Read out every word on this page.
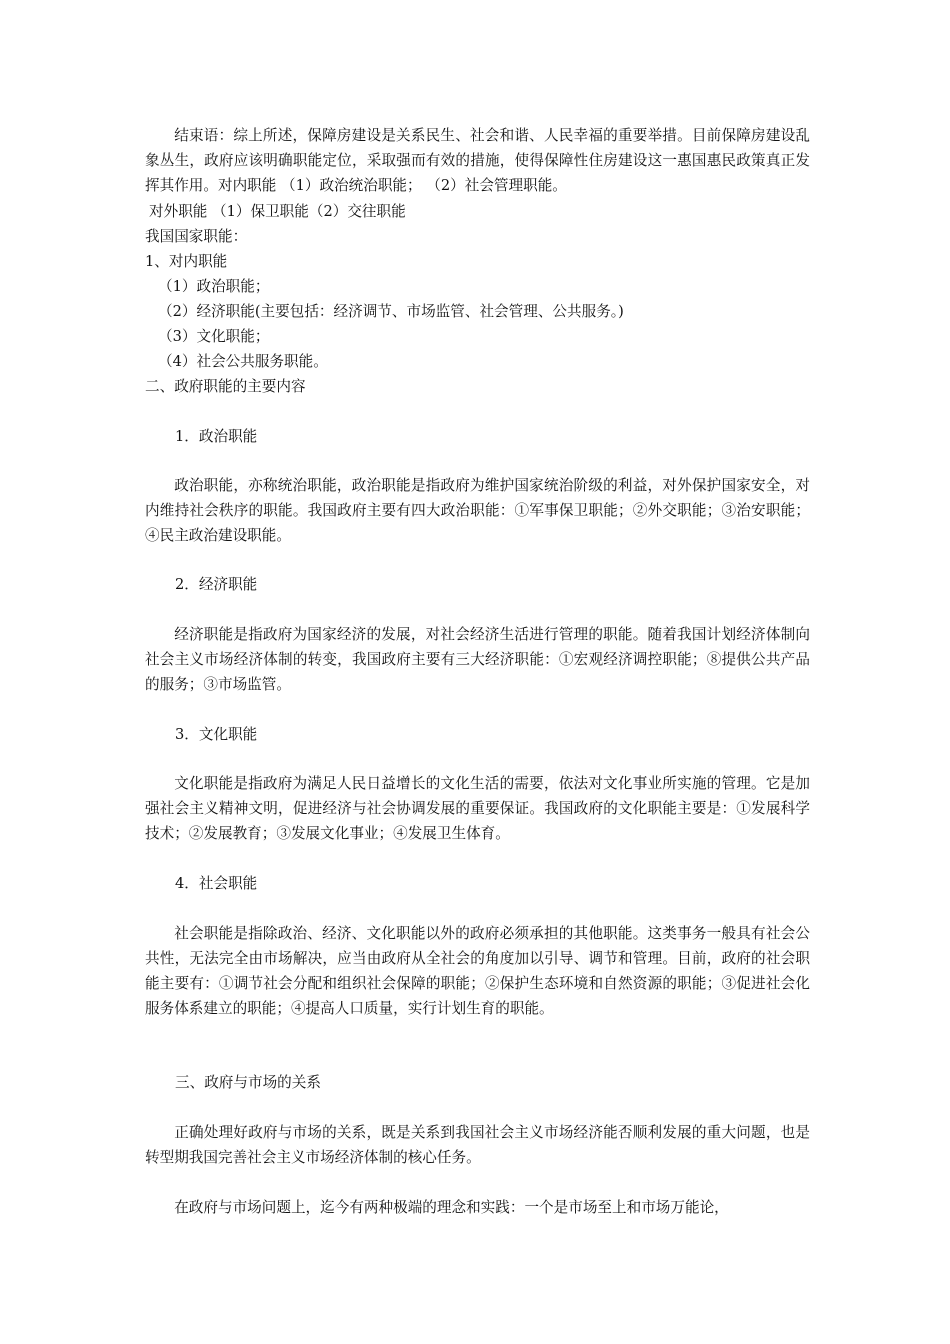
结束语：综上所述，保障房建设是关系民生、社会和谐、人民幸福的重要举措。目前保障房建设乱象丛生，政府应该明确职能定位，采取强而有效的措施，使得保障性住房建设这一惠国惠民政策真正发挥其作用。对内职能 （1）政治统治职能； （2）社会管理职能。
对外职能 （1）保卫职能（2）交往职能
我国国家职能：
1、对内职能
（1）政治职能；
（2）经济职能(主要包括：经济调节、市场监管、社会管理、公共服务。)
（3）文化职能；
（4）社会公共服务职能。
二、政府职能的主要内容
1．政治职能
政治职能，亦称统治职能，政治职能是指政府为维护国家统治阶级的利益，对外保护国家安全，对内维持社会秩序的职能。我国政府主要有四大政治职能：①军事保卫职能；②外交职能；③治安职能；④民主政治建设职能。
2．经济职能
经济职能是指政府为国家经济的发展，对社会经济生活进行管理的职能。随着我国计划经济体制向社会主义市场经济体制的转变，我国政府主要有三大经济职能：①宏观经济调控职能；⑧提供公共产品的服务；③市场监管。
3．文化职能
文化职能是指政府为满足人民日益增长的文化生活的需要，依法对文化事业所实施的管理。它是加强社会主义精神文明，促进经济与社会协调发展的重要保证。我国政府的文化职能主要是：①发展科学技术；②发展教育；③发展文化事业；④发展卫生体育。
4．社会职能
社会职能是指除政治、经济、文化职能以外的政府必须承担的其他职能。这类事务一般具有社会公共性，无法完全由市场解决，应当由政府从全社会的角度加以引导、调节和管理。目前，政府的社会职能主要有：①调节社会分配和组织社会保障的职能；②保护生态环境和自然资源的职能；③促进社会化服务体系建立的职能；④提高人口质量，实行计划生育的职能。
三、政府与市场的关系
正确处理好政府与市场的关系，既是关系到我国社会主义市场经济能否顺利发展的重大问题，也是转型期我国完善社会主义市场经济体制的核心任务。
在政府与市场问题上，迄今有两种极端的理念和实践：一个是市场至上和市场万能论，
